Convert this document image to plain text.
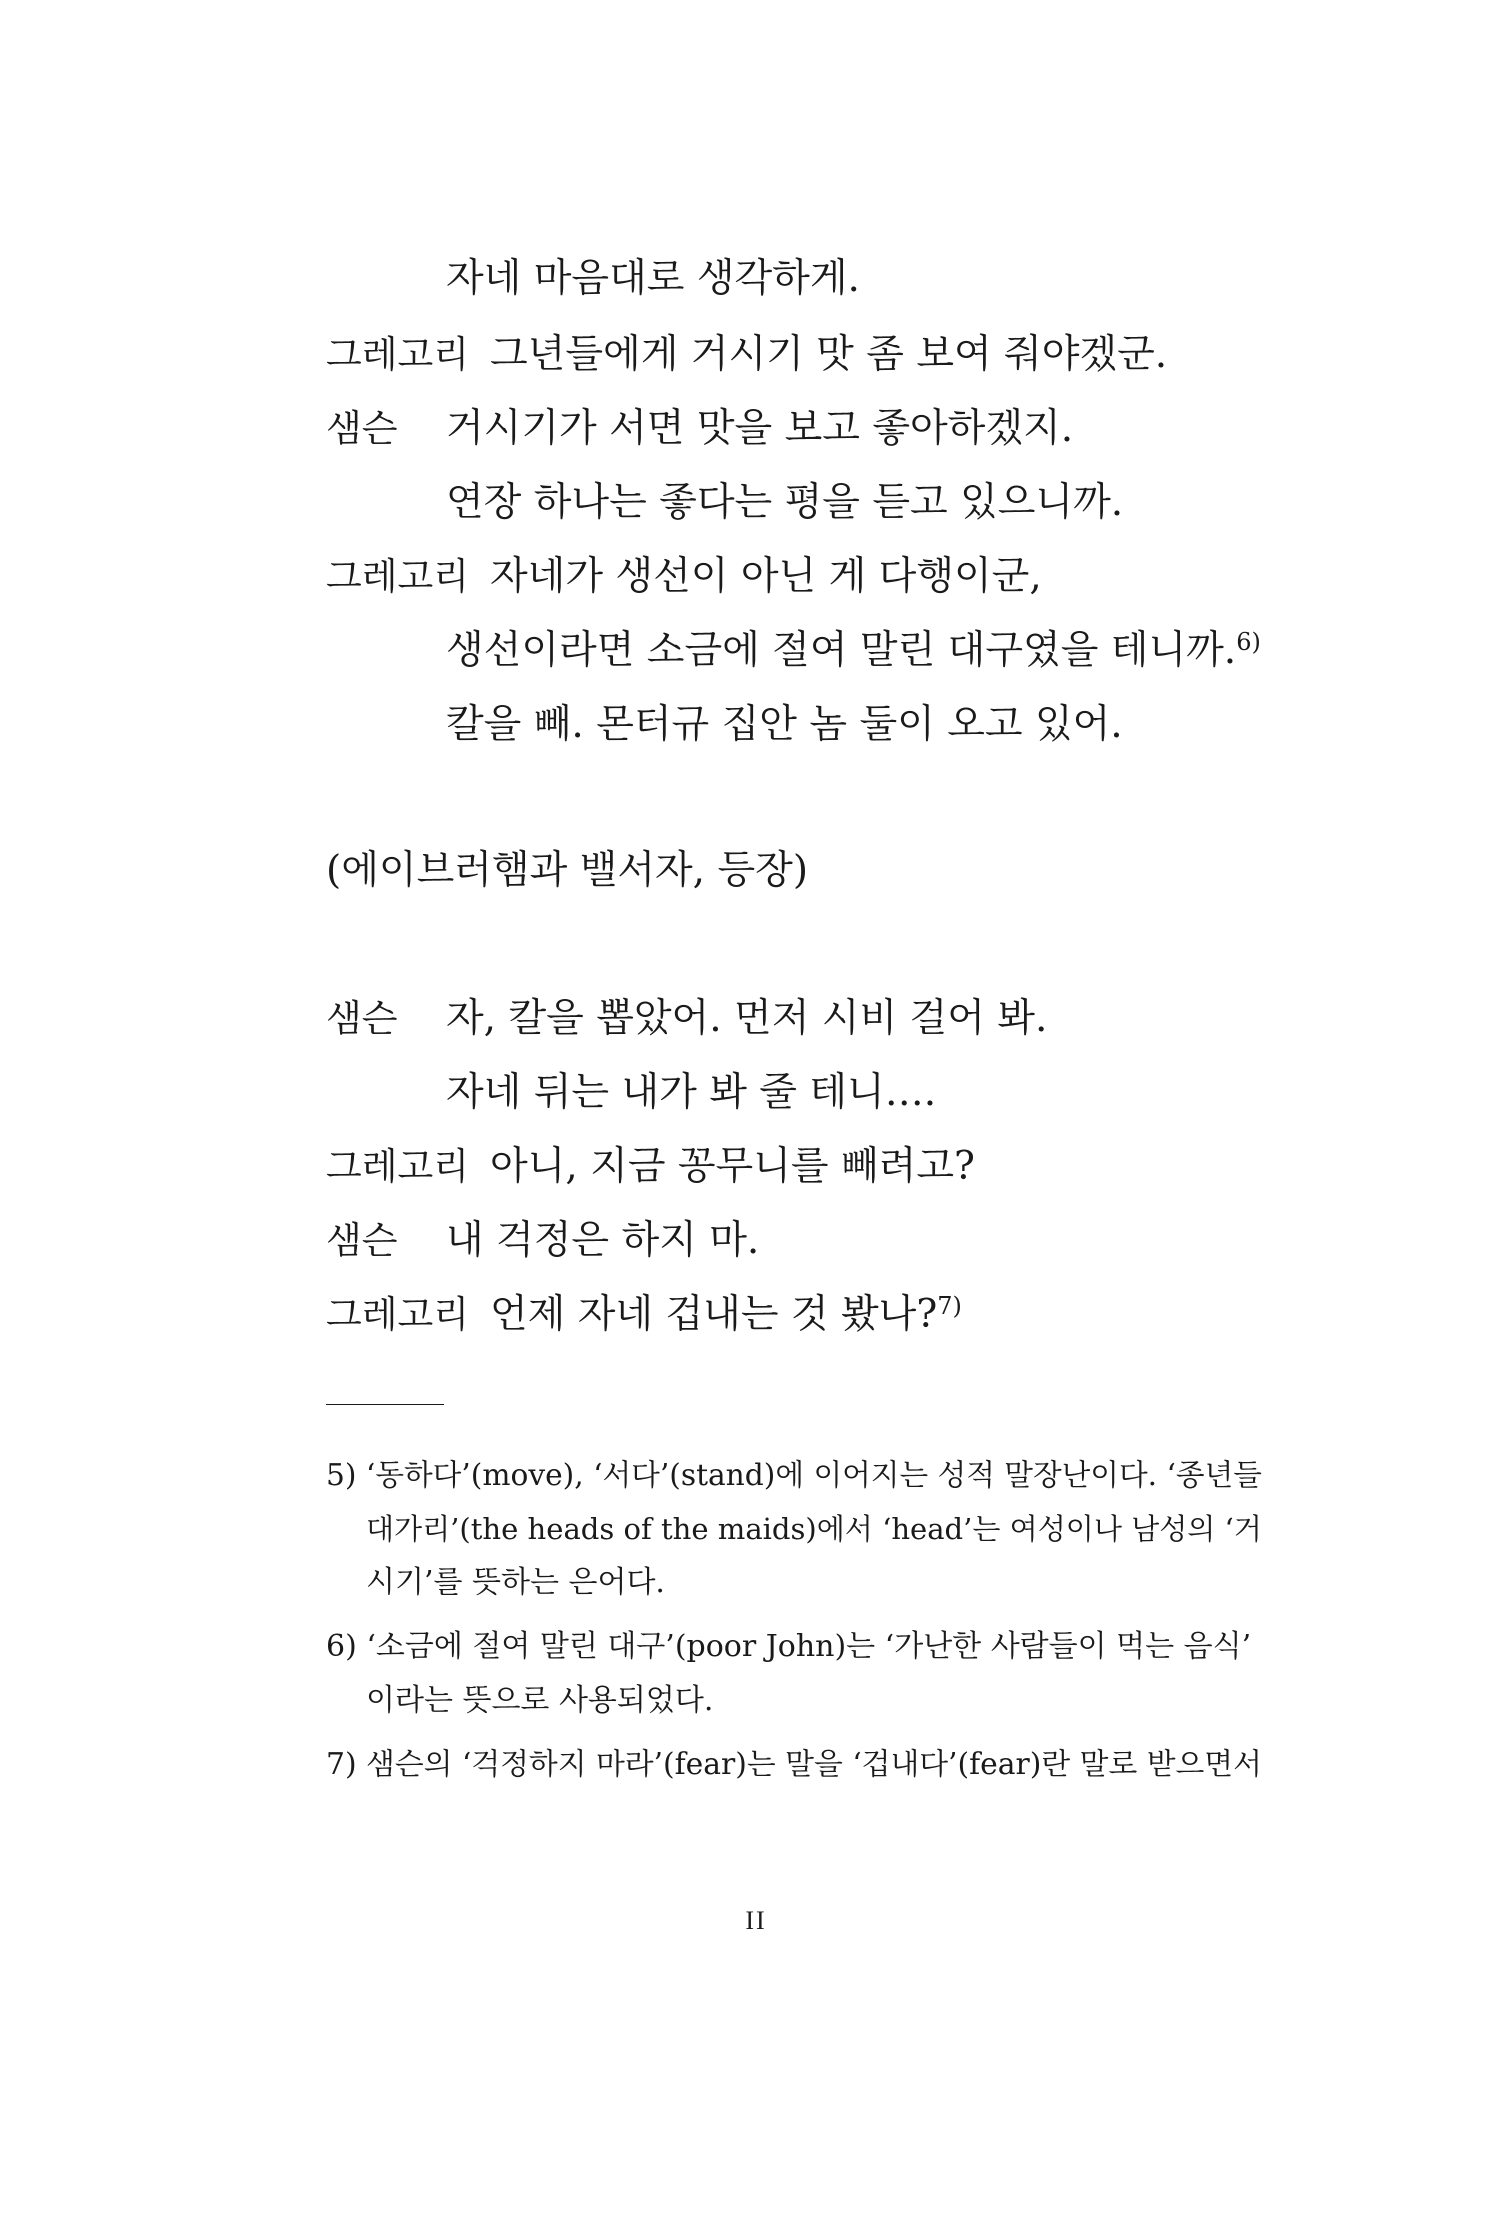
자네 마음대로 생각하게.
그레고리 그년들에게 거시기 맛 좀 보여 줘야겠군.
샘슨 거시기가 서면 맛을 보고 좋아하겠지.
연장 하나는 좋다는 평을 듣고 있으니까.
그레고리 자네가 생선이 아닌 게 다행이군,
생선이라면 소금에 절여 말린 대구였을 테니까.$^{6)}$
칼을 빼. 몬터규 집안 놈 둘이 오고 있어.
(에이브러햄과 밸서자, 등장)
샘슨 자, 칼을 뽑았어. 먼저 시비 걸어 봐.
자네 뒤는 내가 봐 줄 테니….
그레고리 아니, 지금 꽁무니를 빼려고?
샘슨 내 걱정은 하지 마.
그레고리 언제 자네 겁내는 것 봤나?$^{7)}$
5) ‘동하다’(move), ‘서다’(stand)에 이어지는 성적 말장난이다. ‘종년들
대가리’(the heads of the maids)에서 ‘head’는 여성이나 남성의 ‘거
시기’를 뜻하는 은어다.
6) ‘소금에 절여 말린 대구’(poor John)는 ‘가난한 사람들이 먹는 음식’
이라는 뜻으로 사용되었다.
7) 샘슨의 ‘걱정하지 마라’(fear)는 말을 ‘겁내다’(fear)란 말로 받으면서
II
